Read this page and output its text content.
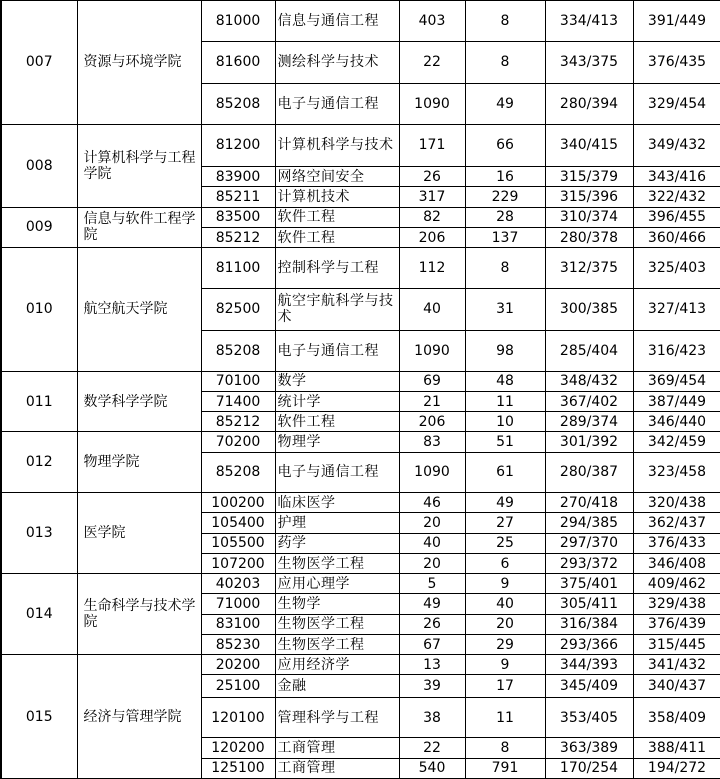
007	资源与环境学院	81000	信息与通信工程	403	8	334/413	391/449
		81600	测绘科学与技术	22	8	343/375	376/435
		85208	电子与通信工程	1090	49	280/394	329/454
008	计算机科学与工程学院	81200	计算机科学与技术	171	66	340/415	349/432
		83900	网络空间安全	26	16	315/379	343/416
		85211	计算机技术	317	229	315/396	322/432
009	信息与软件工程学院	83500	软件工程	82	28	310/374	396/455
		85212	软件工程	206	137	280/378	360/466
010	航空航天学院	81100	控制科学与工程	112	8	312/375	325/403
		82500	航空宇航科学与技术	40	31	300/385	327/413
		85208	电子与通信工程	1090	98	285/404	316/423
011	数学科学学院	70100	数学	69	48	348/432	369/454
		71400	统计学	21	11	367/402	387/449
		85212	软件工程	206	10	289/374	346/440
012	物理学院	70200	物理学	83	51	301/392	342/459
		85208	电子与通信工程	1090	61	280/387	323/458
013	医学院	100200	临床医学	46	49	270/418	320/438
		105400	护理	20	27	294/385	362/437
		105500	药学	40	25	297/370	376/433
		107200	生物医学工程	20	6	293/372	346/408
014	生命科学与技术学院	40203	应用心理学	5	9	375/401	409/462
		71000	生物学	49	40	305/411	329/438
		83100	生物医学工程	26	20	316/384	376/439
		85230	生物医学工程	67	29	293/366	315/445
015	经济与管理学院	20200	应用经济学	13	9	344/393	341/432
		25100	金融	39	17	345/409	340/437
		120100	管理科学与工程	38	11	353/405	358/409
		120200	工商管理	22	8	363/389	388/411
		125100	工商管理	540	791	170/254	194/272
